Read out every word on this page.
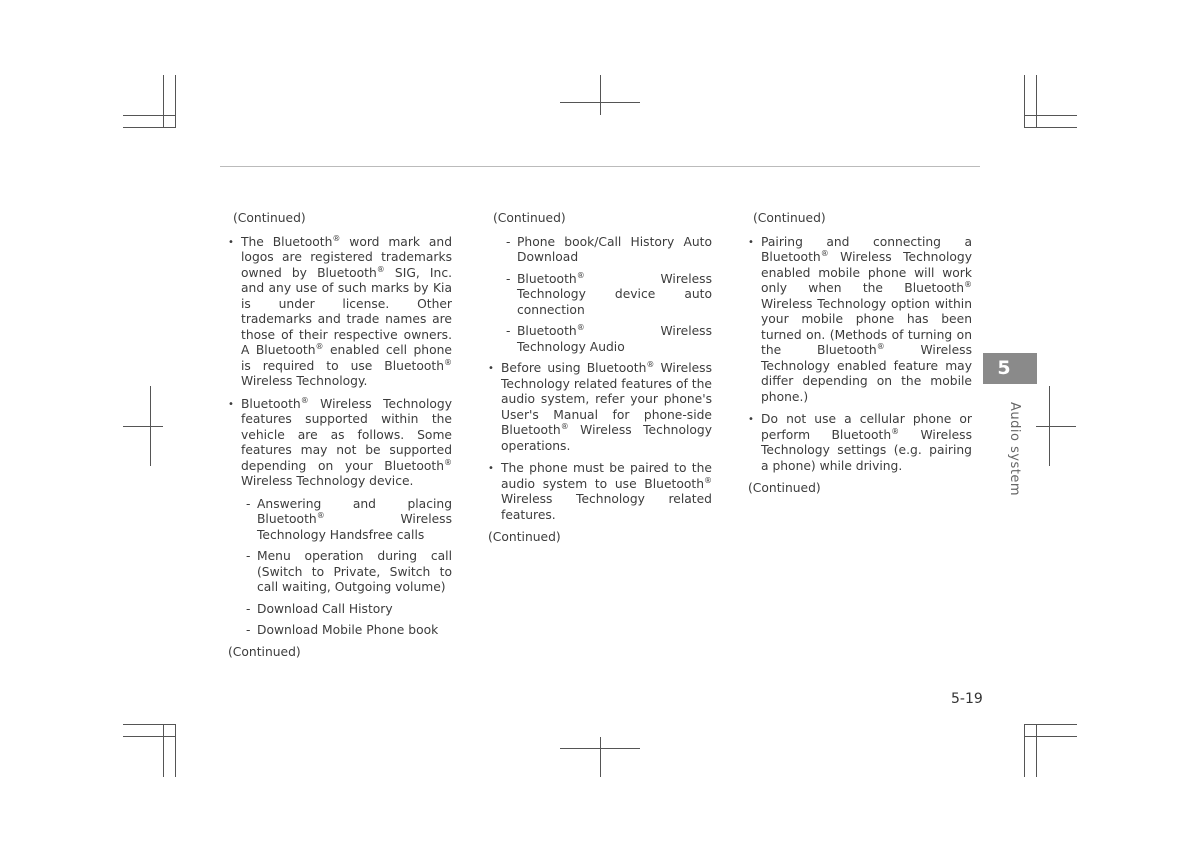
(Continued)
• The Bluetooth® word mark and logos are registered trademarks owned by Bluetooth® SIG, Inc. and any use of such marks by Kia is under license. Other trademarks and trade names are those of their respective owners. A Bluetooth® enabled cell phone is required to use Bluetooth® Wireless Technology.
• Bluetooth® Wireless Technology features supported within the vehicle are as follows. Some features may not be supported depending on your Bluetooth® Wireless Technology device.
- Answering and placing Bluetooth® Wireless Technology Handsfree calls
- Menu operation during call (Switch to Private, Switch to call waiting, Outgoing volume)
- Download Call History
- Download Mobile Phone book
(Continued)
(Continued)
- Phone book/Call History Auto Download
- Bluetooth® Wireless Technology device auto connection
- Bluetooth® Wireless Technology Audio
• Before using Bluetooth® Wireless Technology related features of the audio system, refer your phone's User's Manual for phone-side Bluetooth® Wireless Technology operations.
• The phone must be paired to the audio system to use Bluetooth® Wireless Technology related features.
(Continued)
(Continued)
• Pairing and connecting a Bluetooth® Wireless Technology enabled mobile phone will work only when the Bluetooth® Wireless Technology option within your mobile phone has been turned on. (Methods of turning on the Bluetooth® Wireless Technology enabled feature may differ depending on the mobile phone.)
• Do not use a cellular phone or perform Bluetooth® Wireless Technology settings (e.g. pairing a phone) while driving.
(Continued)
5
Audio system
5-19
